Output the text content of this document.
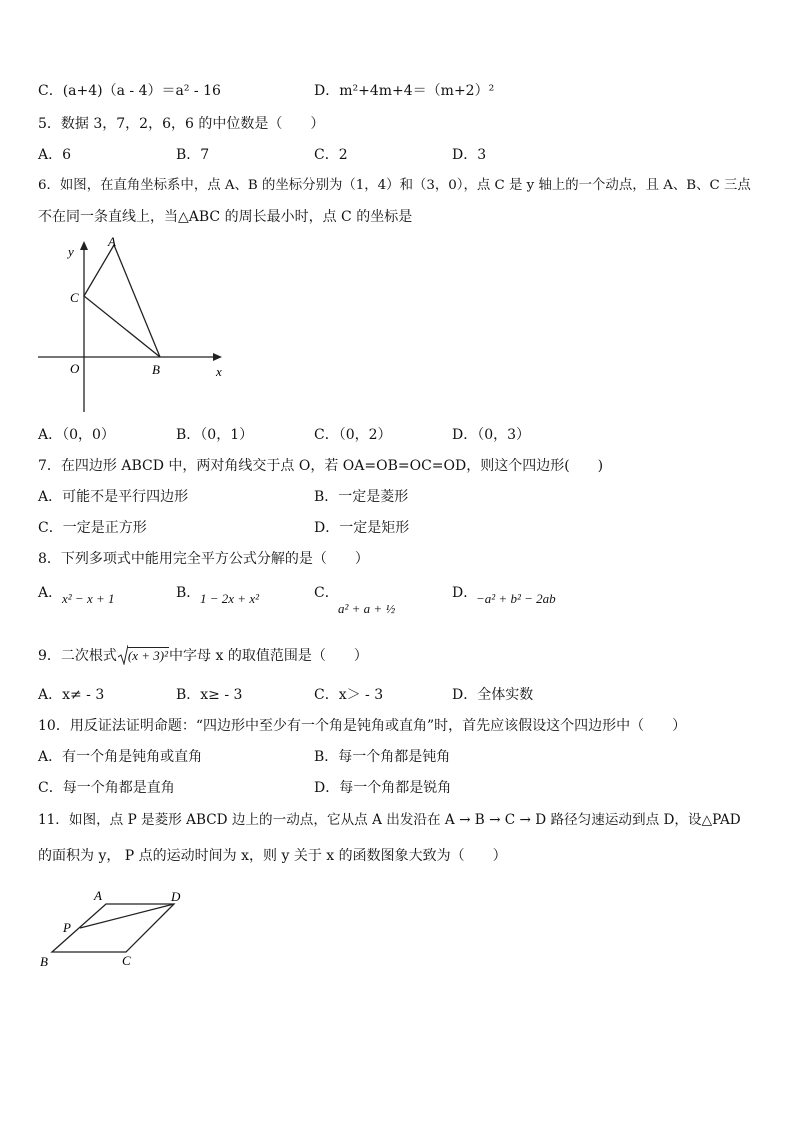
C．(a+4)（a - 4）＝a² - 16	D．m²+4m+4＝（m+2）²
5．数据 3，7，2，6，6 的中位数是（　　）
A．6	B．7	C．2	D．3
6．如图，在直角坐标系中，点 A、B 的坐标分别为（1，4）和（3，0），点 C 是 y 轴上的一个动点，且 A、B、C 三点
不在同一条直线上，当△ABC 的周长最小时，点 C 的坐标是
y
A
C
O	B	x
A．（0，0）	B．（0，1）	C．（0，2）	D．（0，3）
7．在四边形 ABCD 中，两对角线交于点 O，若 OA=OB=OC=OD，则这个四边形(　　)
A．可能不是平行四边形	B．一定是菱形
C．一定是正方形	D．一定是矩形
8．下列多项式中能用完全平方公式分解的是（　　）
A． x² − x + 1	B． 1 − 2x + x²	C．
a² + a + ½
D．
−a² + b² − 2ab
9．二次根式 (x + 3)²中字母 x 的取值范围是（　　）
A．x≠ - 3	B．x≥ - 3	C．x＞ - 3	D．全体实数
10．用反证法证明命题：“四边形中至少有一个角是钝角或直角”时，首先应该假设这个四边形中（　　）
A．有一个角是钝角或直角	B．每一个角都是钝角
C．每一个角都是直角	D．每一个角都是锐角
11．如图，点 P 是菱形 ABCD 边上的一动点，它从点 A 出发沿在 A → B → C → D 路径匀速运动到点 D，设△PAD
的面积为 y， P 点的运动时间为 x，则 y 关于 x 的函数图象大致为（　　）
A	D
P
B	C
